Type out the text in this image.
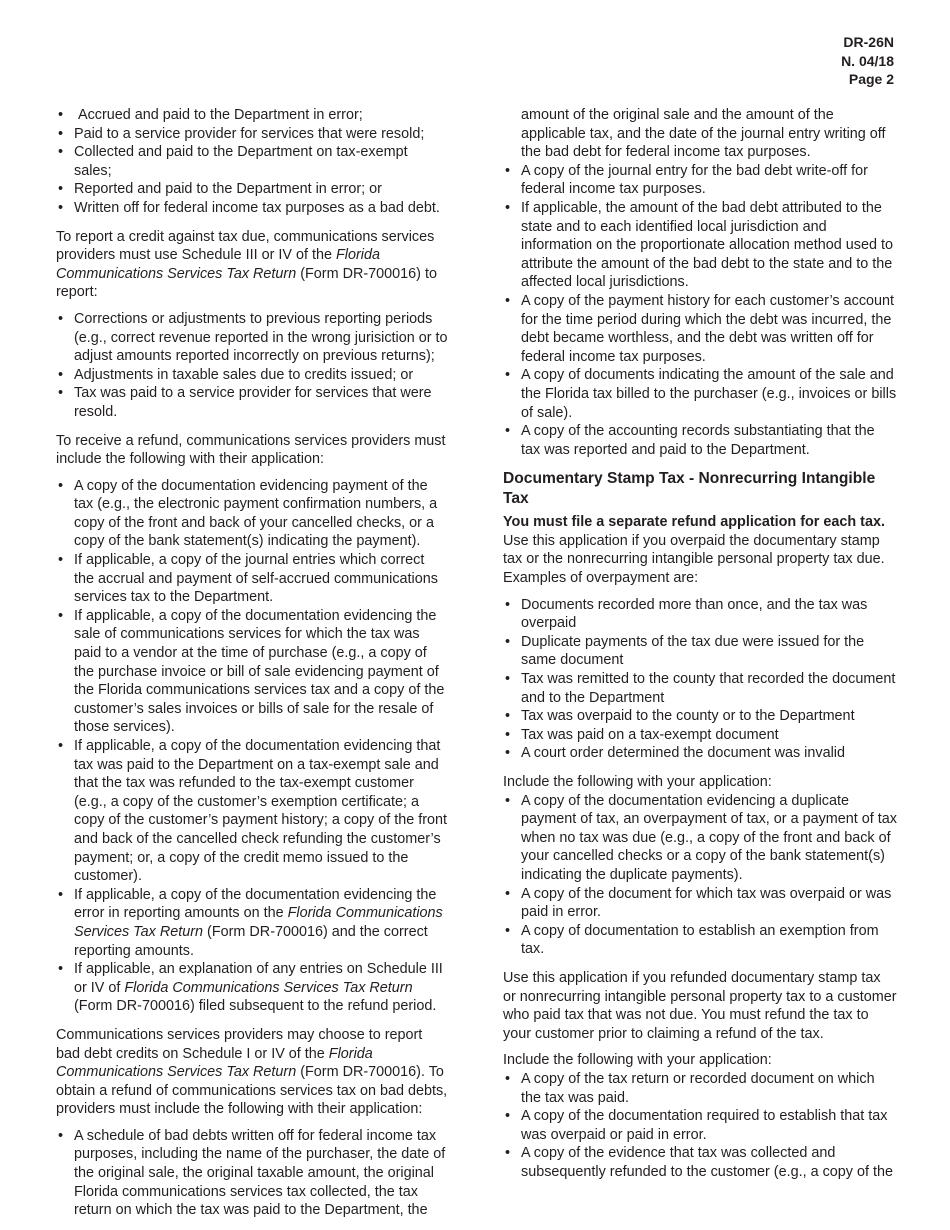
DR-26N
N. 04/18
Page 2
• Accrued and paid to the Department in error;
• Paid to a service provider for services that were resold;
• Collected and paid to the Department on tax-exempt sales;
• Reported and paid to the Department in error; or
• Written off for federal income tax purposes as a bad debt.

To report a credit against tax due, communications services providers must use Schedule III or IV of the Florida Communications Services Tax Return (Form DR-700016) to report:

• Corrections or adjustments to previous reporting periods (e.g., correct revenue reported in the wrong jurisiction or to adjust amounts reported incorrectly on previous returns);
• Adjustments in taxable sales due to credits issued; or
• Tax was paid to a service provider for services that were resold.

To receive a refund, communications services providers must include the following with their application:

• A copy of the documentation evidencing payment of the tax (e.g., the electronic payment confirmation numbers, a copy of the front and back of your cancelled checks, or a copy of the bank statement(s) indicating the payment).
• If applicable, a copy of the journal entries which correct the accrual and payment of self-accrued communications services tax to the Department.
• If applicable, a copy of the documentation evidencing the sale of communications services for which the tax was paid to a vendor at the time of purchase (e.g., a copy of the purchase invoice or bill of sale evidencing payment of the Florida communications services tax and a copy of the customer’s sales invoices or bills of sale for the resale of those services).
• If applicable, a copy of the documentation evidencing that tax was paid to the Department on a tax-exempt sale and that the tax was refunded to the tax-exempt customer (e.g., a copy of the customer’s exemption certificate; a copy of the customer’s payment history; a copy of the front and back of the cancelled check refunding the customer’s payment; or, a copy of the credit memo issued to the customer).
• If applicable, a copy of the documentation evidencing the error in reporting amounts on the Florida Communications Services Tax Return (Form DR-700016) and the correct reporting amounts.
• If applicable, an explanation of any entries on Schedule III or IV of Florida Communications Services Tax Return (Form DR-700016) filed subsequent to the refund period.

Communications services providers may choose to report bad debt credits on Schedule I or IV of the Florida Communications Services Tax Return (Form DR-700016). To obtain a refund of communications services tax on bad debts, providers must include the following with their application:

• A schedule of bad debts written off for federal income tax purposes, including the name of the purchaser, the date of the original sale, the original taxable amount, the original Florida communications services tax collected, the tax return on which the tax was paid to the Department, the

amount of the original sale and the amount of the applicable tax, and the date of the journal entry writing off the bad debt for federal income tax purposes.

• A copy of the journal entry for the bad debt write-off for federal income tax purposes.
• If applicable, the amount of the bad debt attributed to the state and to each identified local jurisdiction and information on the proportionate allocation method used to attribute the amount of the bad debt to the state and to the affected local jurisdictions.
• A copy of the payment history for each customer’s account for the time period during which the debt was incurred, the debt became worthless, and the debt was written off for federal income tax purposes.
• A copy of documents indicating the amount of the sale and the Florida tax billed to the purchaser (e.g., invoices or bills of sale).
• A copy of the accounting records substantiating that the tax was reported and paid to the Department.
Documentary Stamp Tax - Nonrecurring Intangible Tax

You must file a separate refund application for each tax.

Use this application if you overpaid the documentary stamp tax or the nonrecurring intangible personal property tax due. Examples of overpayment are:

• Documents recorded more than once, and the tax was overpaid
• Duplicate payments of the tax due were issued for the same document
• Tax was remitted to the county that recorded the document and to the Department
• Tax was overpaid to the county or to the Department
• Tax was paid on a tax-exempt document
• A court order determined the document was invalid

Include the following with your application:

• A copy of the documentation evidencing a duplicate payment of tax, an overpayment of tax, or a payment of tax when no tax was due (e.g., a copy of the front and back of your cancelled checks or a copy of the bank statement(s) indicating the duplicate payments).
• A copy of the document for which tax was overpaid or was paid in error.
• A copy of documentation to establish an exemption from tax.

Use this application if you refunded documentary stamp tax or nonrecurring intangible personal property tax to a customer who paid tax that was not due. You must refund the tax to your customer prior to claiming a refund of the tax.

Include the following with your application:

• A copy of the tax return or recorded document on which the tax was paid.
• A copy of the documentation required to establish that tax was overpaid or paid in error.
• A copy of the evidence that tax was collected and subsequently refunded to the customer (e.g., a copy of the
